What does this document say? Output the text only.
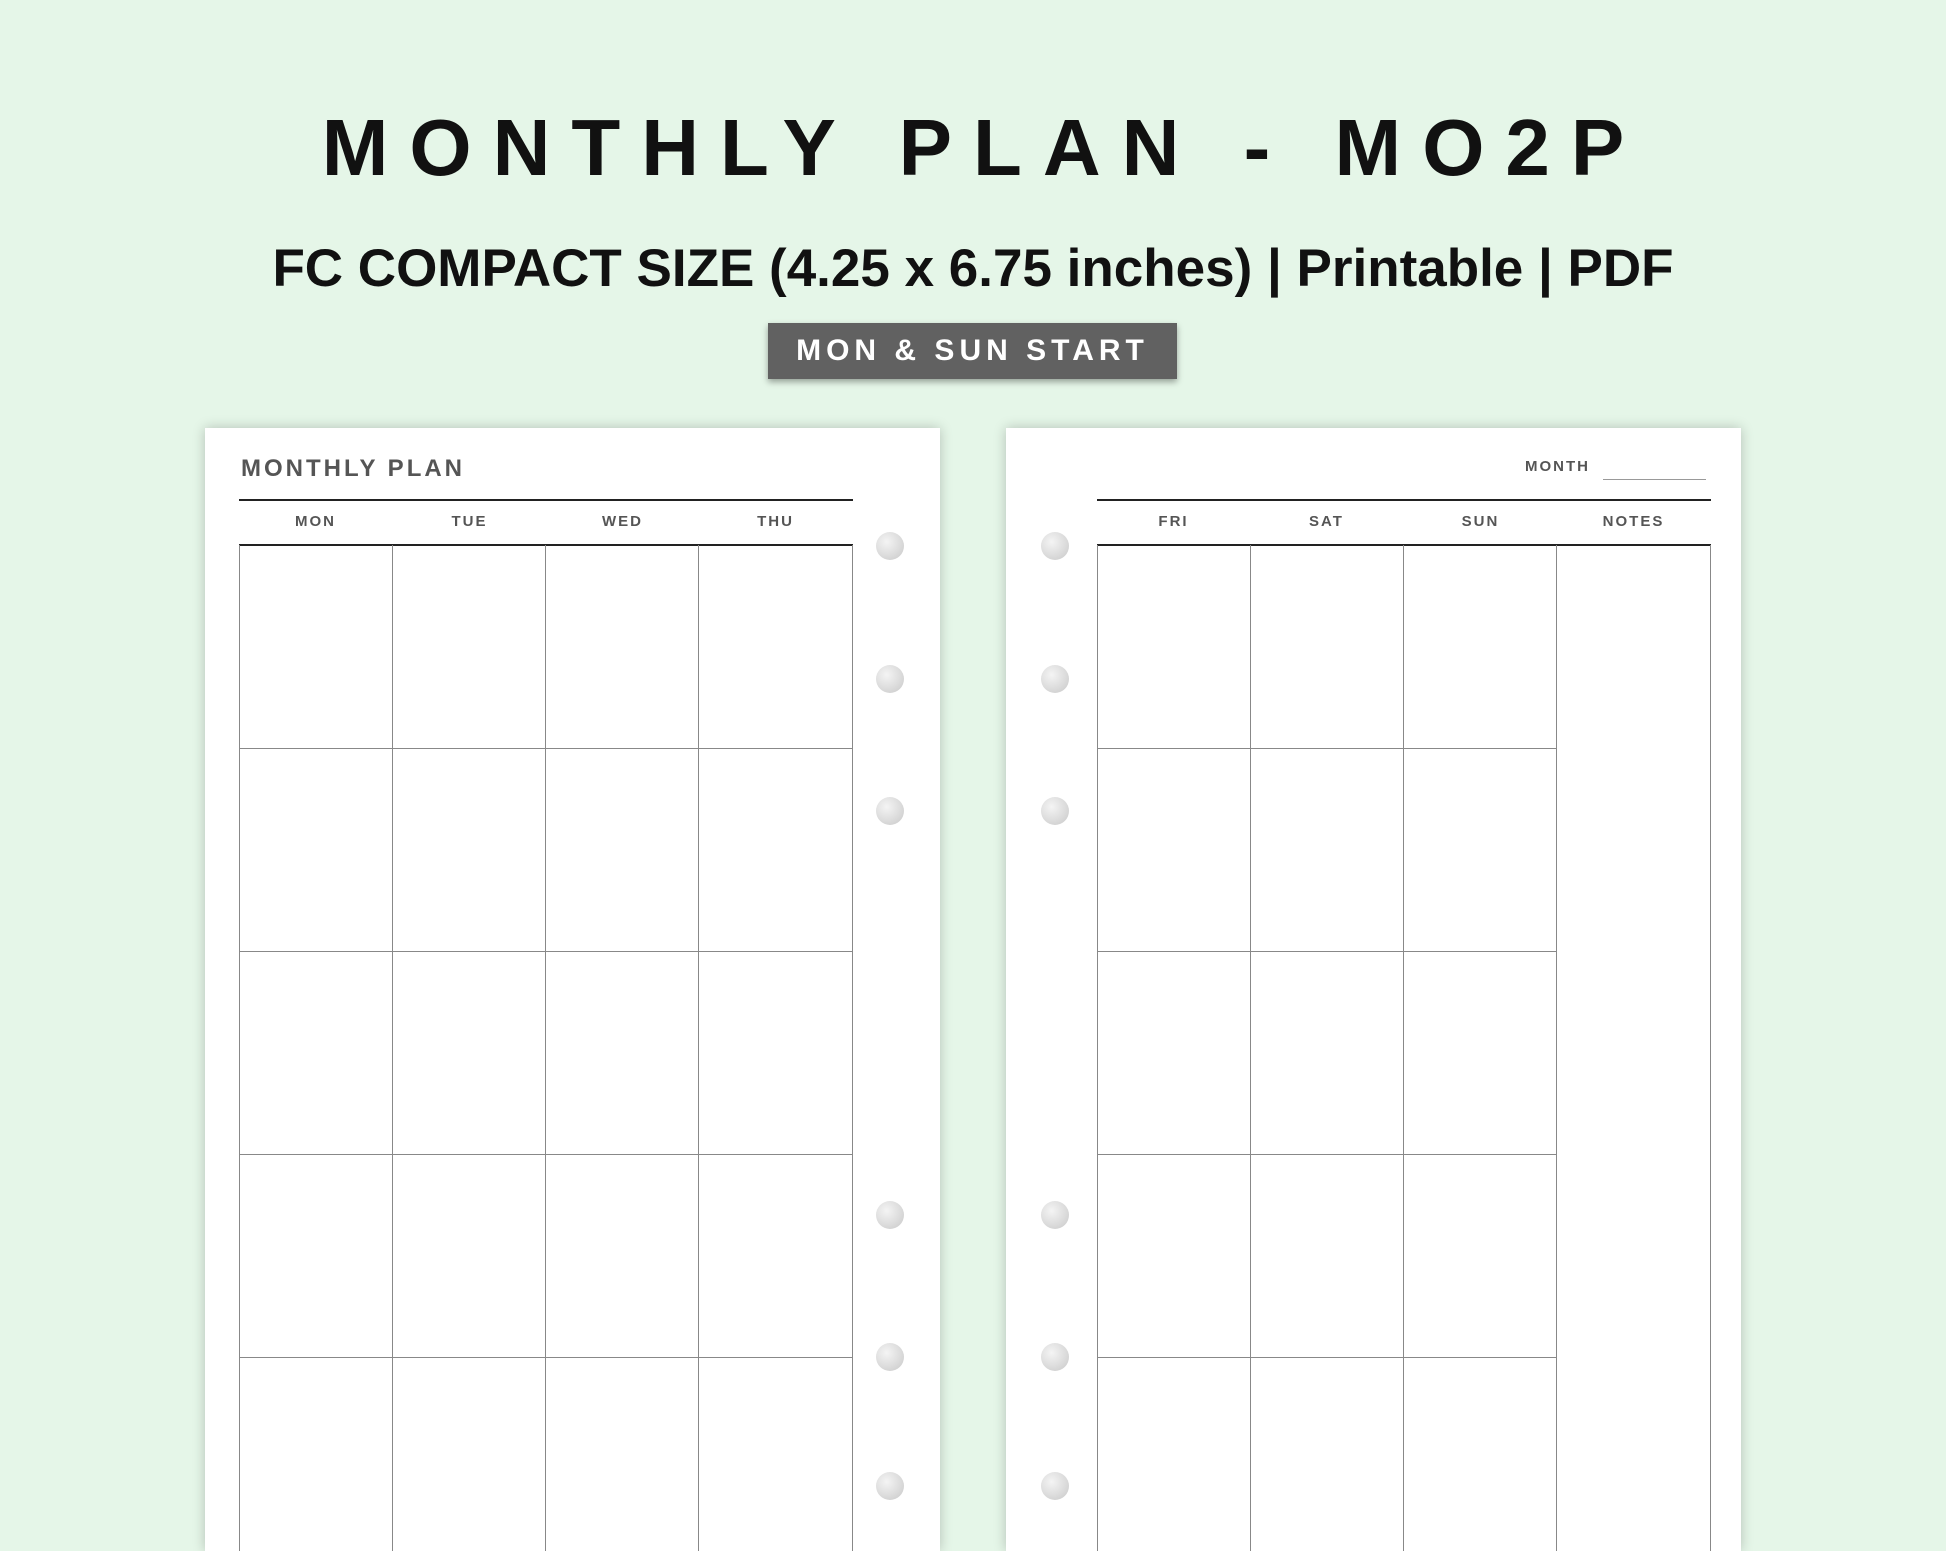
MONTHLY PLAN - MO2P
FC COMPACT SIZE (4.25 x 6.75 inches) | Printable | PDF
MON & SUN START
MONTHLY PLAN
MON	TUE	WED	THU
MONTH
FRI	SAT	SUN	NOTES
